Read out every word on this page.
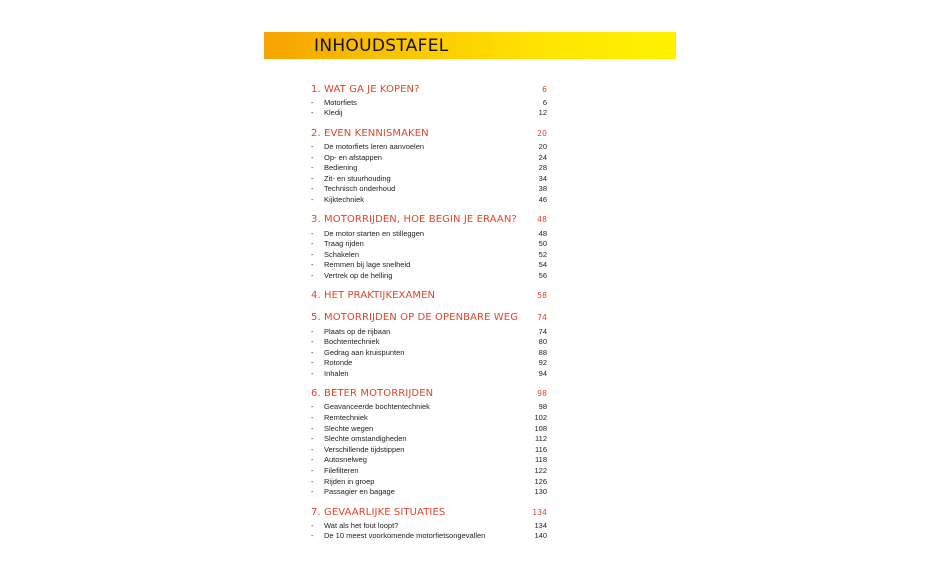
INHOUDSTAFEL
1. WAT GA JE KOPEN?	6
-	Motorfiets	6
-	Kledij	12
2. EVEN KENNISMAKEN	20
-	De motorfiets leren aanvoelen	20
-	Op- en afstappen	24
-	Bediening	28
-	Zit- en stuurhouding	34
-	Technisch onderhoud	38
-	Kijktechniek	46
3. MOTORRIJDEN, HOE BEGIN JE ERAAN?	48
-	De motor starten en stilleggen	48
-	Traag rijden	50
-	Schakelen	52
-	Remmen bij lage snelheid	54
-	Vertrek op de helling	56
4. HET PRAKTIJKEXAMEN	58
5. MOTORRIJDEN OP DE OPENBARE WEG	74
-	Plaats op de rijbaan	74
-	Bochtentechniek	80
-	Gedrag aan kruispunten	88
-	Rotonde	92
-	Inhalen	94
6. BETER MOTORRIJDEN	98
-	Geavanceerde bochtentechniek	98
-	Remtechniek	102
-	Slechte wegen	108
-	Slechte omstandigheden	112
-	Verschillende tijdstippen	116
-	Autosnelweg	118
-	Filefilteren	122
-	Rijden in groep	126
-	Passagier en bagage	130
7. GEVAARLIJKE SITUATIES	134
-	Wat als het fout loopt?	134
-	De 10 meest voorkomende motorfietsongevallen	140
